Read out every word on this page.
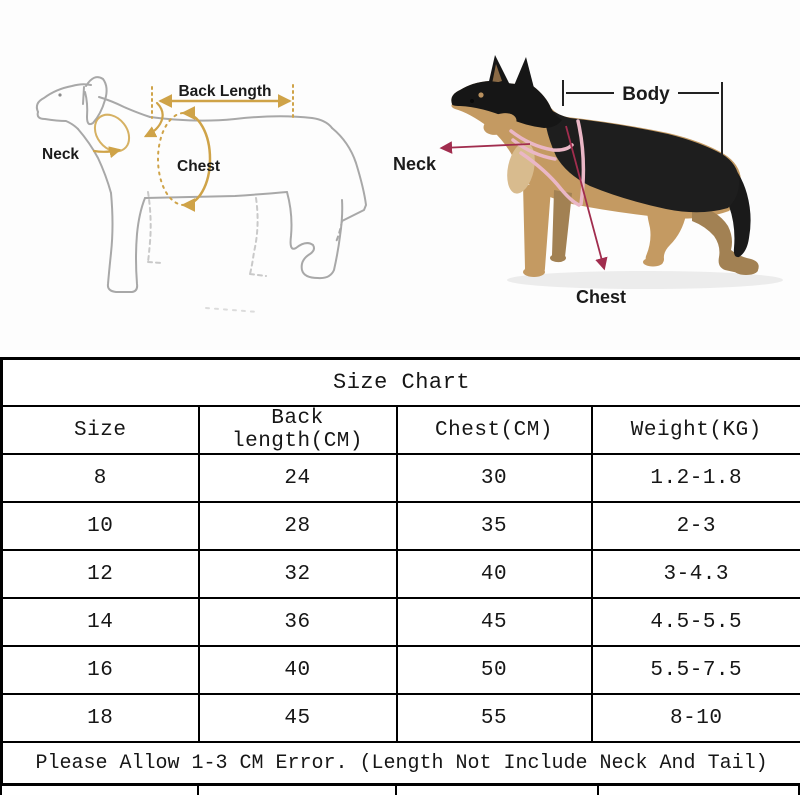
Back Length
Neck
Chest
Body
Neck
Chest
Size Chart			
Size	Back length(CM)	Chest(CM)	Weight(KG)
8	24	30	1.2-1.8
10	28	35	2-3
12	32	40	3-4.3
14	36	45	4.5-5.5
16	40	50	5.5-7.5
18	45	55	8-10
Please Allow 1-3 CM Error. (Length Not Include Neck And Tail)			
